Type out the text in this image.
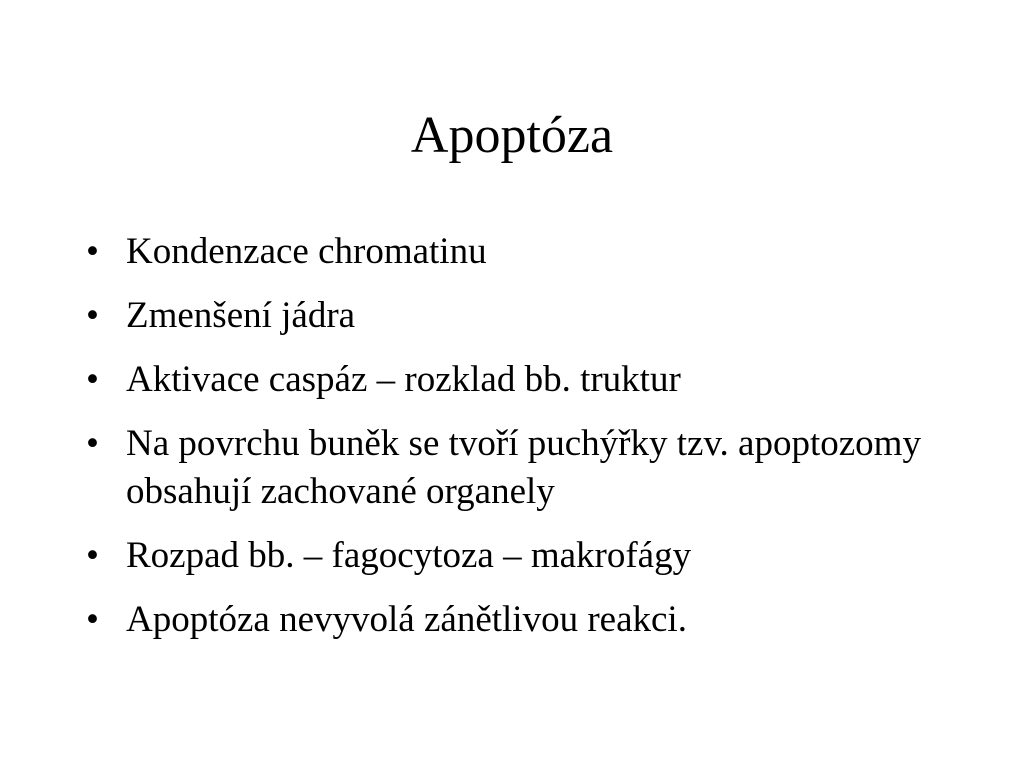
Apoptóza
• Kondenzace chromatinu
• Zmenšení jádra
• Aktivace caspáz – rozklad bb. truktur
• Na povrchu buněk se tvoří puchýřky tzv. apoptozomy obsahují zachované organely
• Rozpad bb. – fagocytoza – makrofágy
• Apoptóza nevyvolá zánětlivou reakci.
